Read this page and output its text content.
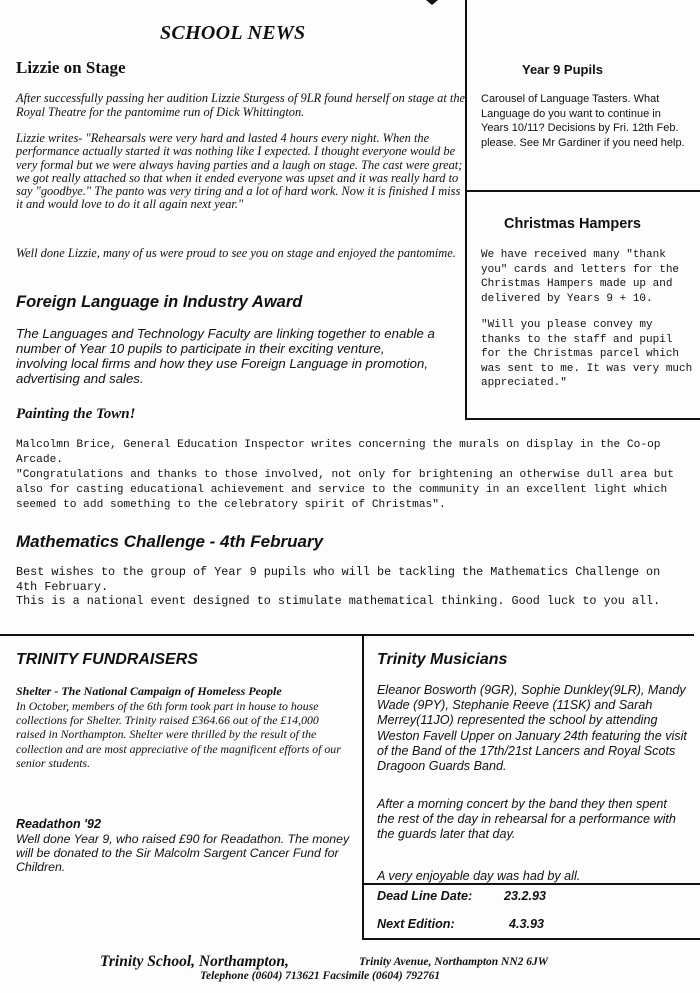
SCHOOL NEWS
Lizzie on Stage

After successfully passing her audition Lizzie Sturgess of 9LR found herself on stage at the Royal Theatre for the pantomime run of Dick Whittington.

Lizzie writes- "Rehearsals were very hard and lasted 4 hours every night. When the performance actually started it was nothing like I expected. I thought everyone would be very formal but we were always having parties and a laugh on stage. The cast were great; we got really attached so that when it ended everyone was upset and it was really hard to say "goodbye." The panto was very tiring and a lot of hard work. Now it is finished I miss it and would love to do it all again next year."

Well done Lizzie, many of us were proud to see you on stage and enjoyed the pantomime.

Foreign Language in Industry Award

The Languages and Technology Faculty are linking together to enable a number of Year 10 pupils to participate in their exciting venture, involving local firms and how they use Foreign Language in promotion, advertising and sales.

Painting the Town!

Malcolmn Brice, General Education Inspector writes concerning the murals on display in the Co-op Arcade.

"Congratulations and thanks to those involved, not only for brightening an otherwise dull area but also for casting educational achievement and service to the community in an excellent light which seemed to add something to the celebratory spirit of Christmas".

Mathematics Challenge - 4th February

Best wishes to the group of Year 9 pupils who will be tackling the Mathematics Challenge on 4th February.

This is a national event designed to stimulate mathematical thinking. Good luck to you all.

Year 9 Pupils

Carousel of Language Tasters. What Language do you want to continue in Years 10/11? Decisions by Fri. 12th Feb. please. See Mr Gardiner if you need help.

Christmas Hampers

We have received many "thank you" cards and letters for the Christmas Hampers made up and delivered by Years 9 + 10.

"Will you please convey my thanks to the staff and pupil for the Christmas parcel which was sent to me. It was very much appreciated."

TRINITY FUNDRAISERS
Shelter - The National Campaign of Homeless People

In October, members of the 6th form took part in house to house collections for Shelter. Trinity raised £364.66 out of the £14,000 raised in Northampton. Shelter were thrilled by the result of the collection and are most appreciative of the magnificent efforts of our senior students.

Readathon '92

Well done Year 9, who raised £90 for Readathon. The money will be donated to the Sir Malcolm Sargent Cancer Fund for Children.

Trinity Musicians

Eleanor Bosworth (9GR), Sophie Dunkley(9LR), Mandy Wade (9PY), Stephanie Reeve (11SK) and Sarah Merrey(11JO) represented the school by attending Weston Favell Upper on January 24th featuring the visit of the Band of the 17th/21st Lancers and Royal Scots Dragoon Guards Band.

After a morning concert by the band they then spent the rest of the day in rehearsal for a performance with the guards later that day.

A very enjoyable day was had by all.

Dead Line Date:	23.2.93
Next Edition:	4.3.93
Trinity School, Northampton,	Trinity Avenue, Northampton NN2 6JW
Telephone (0604) 713621 Facsimile (0604) 792761
